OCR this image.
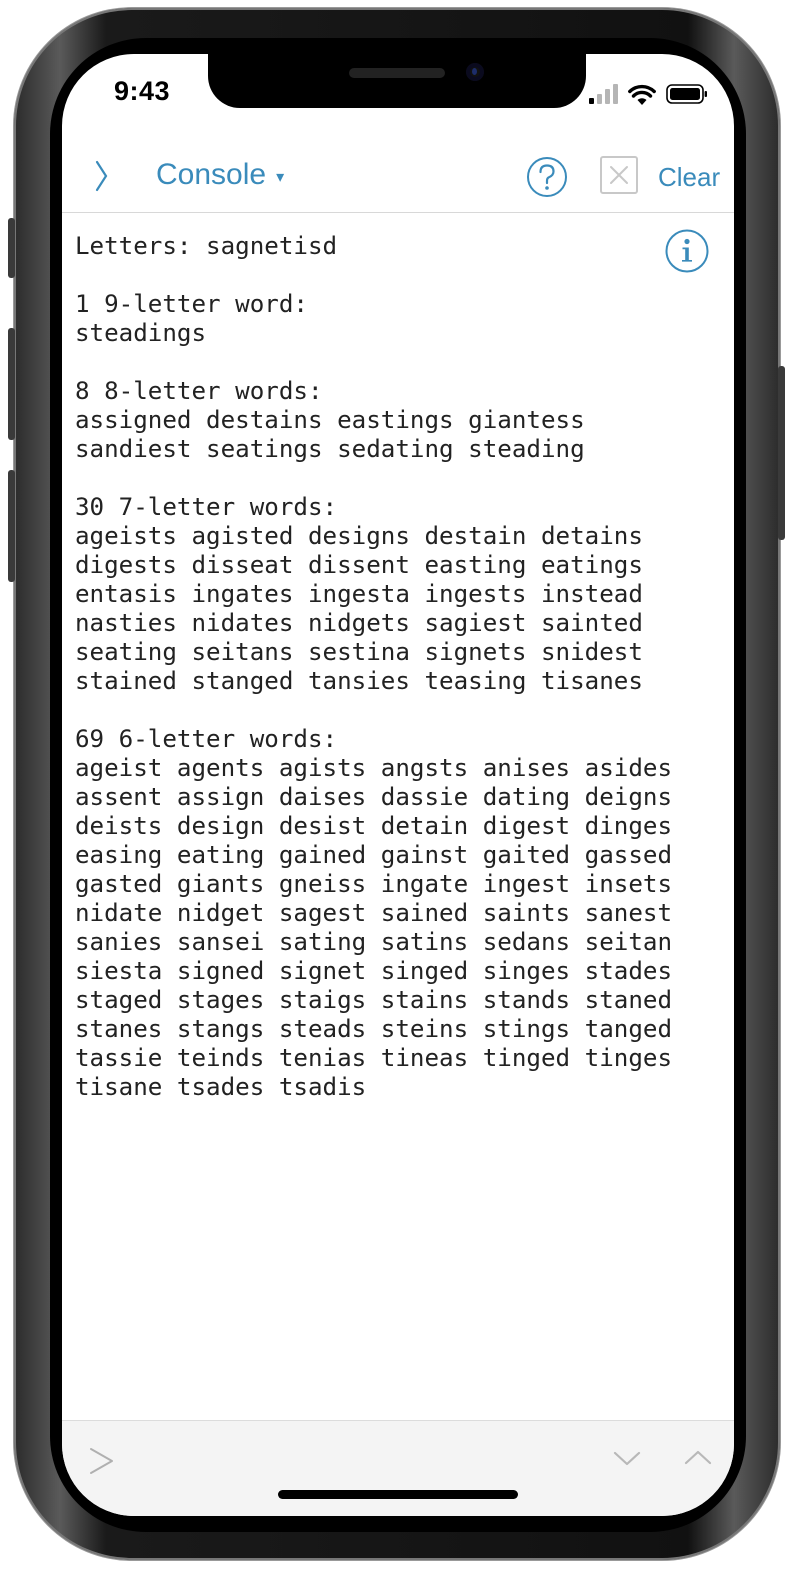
9:43
Console ▾	Clear
Letters: sagnetisd

1 9-letter word:
steadings

8 8-letter words:
assigned destains eastings giantess
sandiest seatings sedating steading

30 7-letter words:
ageists agisted designs destain detains
digests disseat dissent easting eatings
entasis ingates ingesta ingests instead
nasties nidates nidgets sagiest sainted
seating seitans sestina signets snidest
stained stanged tansies teasing tisanes

69 6-letter words:
ageist agents agists angsts anises asides
assent assign daises dassie dating deigns
deists design desist detain digest dinges
easing eating gained gainst gaited gassed
gasted giants gneiss ingate ingest insets
nidate nidget sagest sained saints sanest
sanies sansei sating satins sedans seitan
siesta signed signet singed singes stades
staged stages staigs stains stands staned
stanes stangs steads steins stings tanged
tassie teinds tenias tineas tinged tinges
tisane tsades tsadis
